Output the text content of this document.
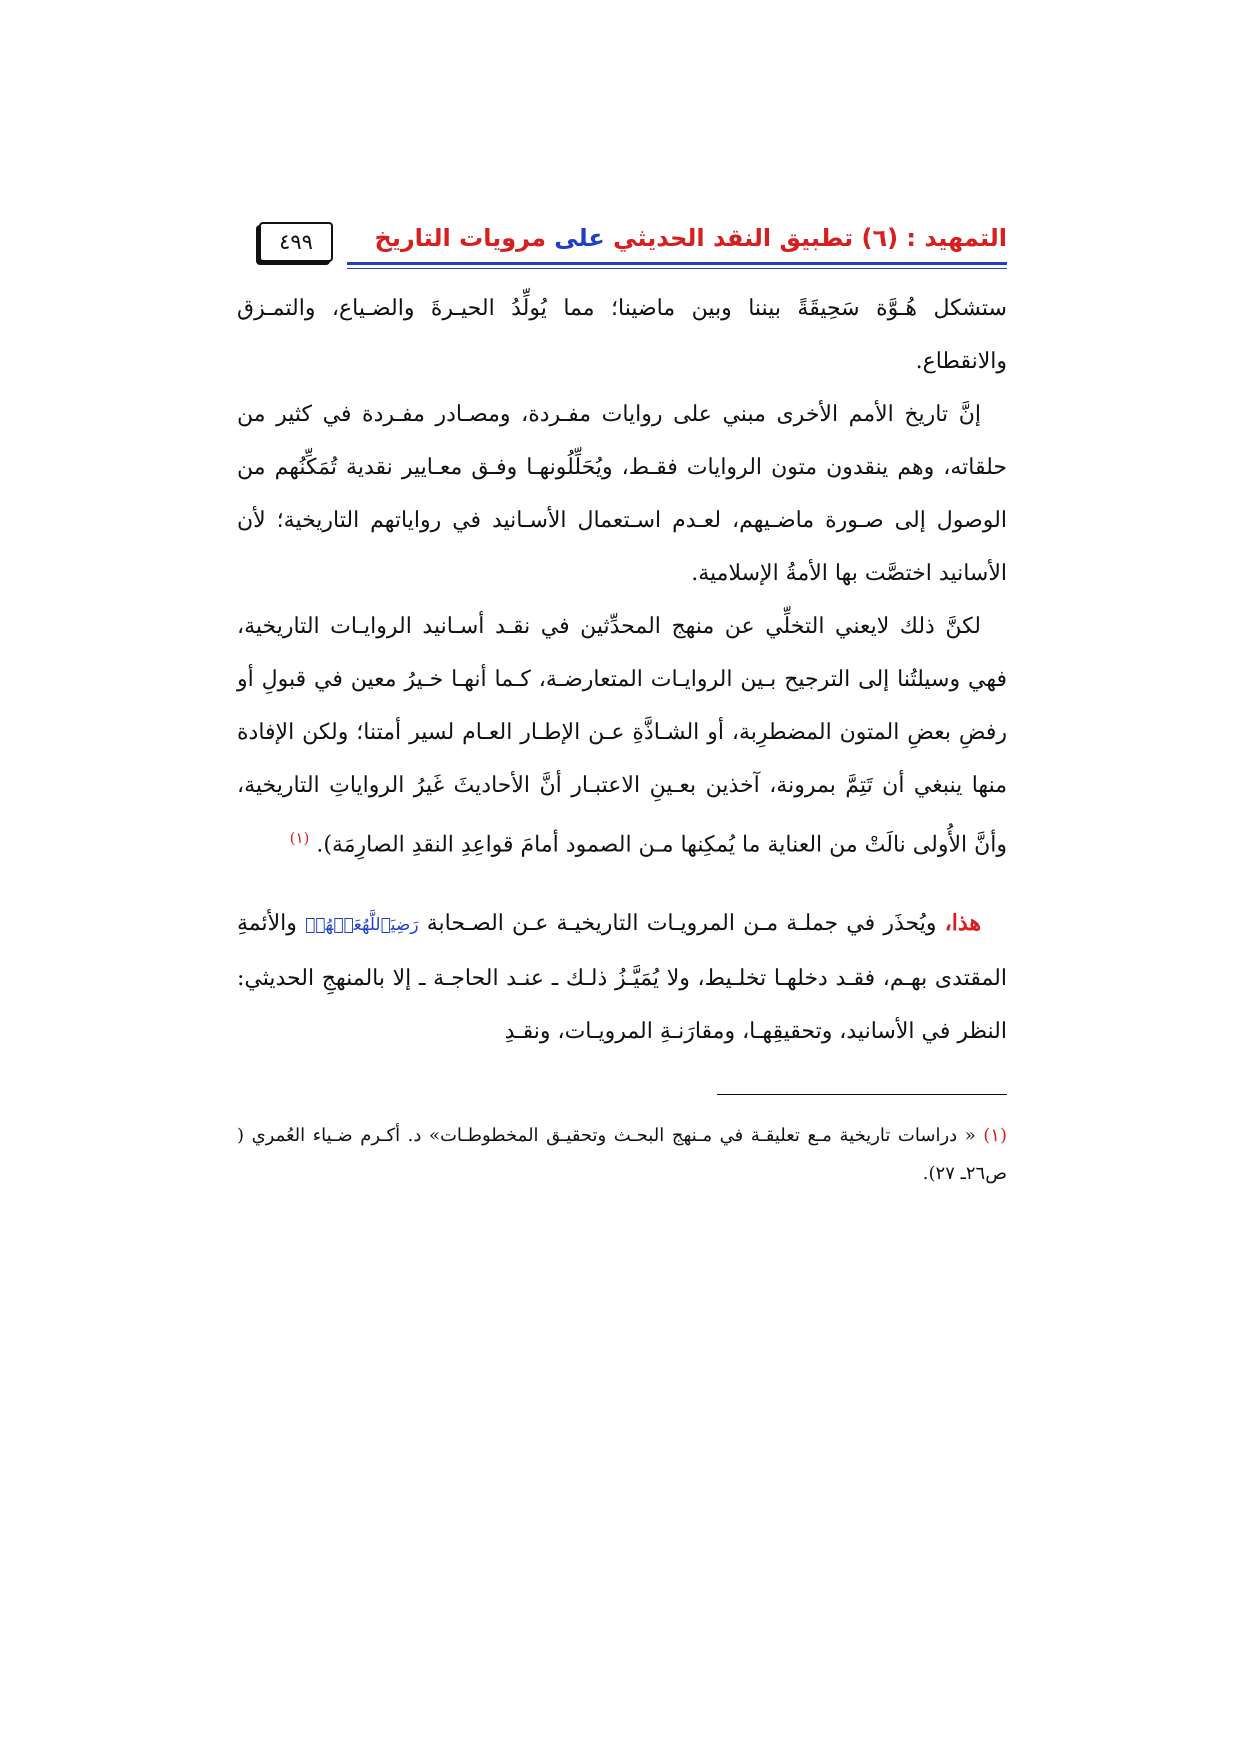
التمهيد : (٦) تطبيق النقد الحديثي على مرويات التاريخ
٤٩٩

ستشكل هُـوَّة سَحِيقَةً بيننا وبين ماضينا؛ مما يُولِّدُ الحيـرةَ والضـياع، والتمـزق والانقطاع.

إنَّ تاريخ الأمم الأخرى مبني على روايات مفـردة، ومصـادر مفـردة في كثير من حلقاته، وهم ينقدون متون الروايات فقـط، ويُحَلِّلُونهـا وفـق معـايير نقدية تُمَكِّنُهم من الوصول إلى صـورة ماضـيهم، لعـدم اسـتعمال الأسـانيد في رواياتهم التاريخية؛ لأن الأسانيد اختصَّت بها الأمةُ الإسلامية.

لكنَّ ذلك لايعني التخلِّي عن منهج المحدِّثين في نقـد أسـانيد الروايـات التاريخية، فهي وسيلتُنا إلى الترجيح بـين الروايـات المتعارضـة، كـما أنهـا خـيرُ معين في قبولِ أو رفضِ بعضِ المتون المضطرِبة، أو الشـاذَّةِ عـن الإطـار العـام لسير أمتنا؛ ولكن الإفادة منها ينبغي أن تَتِمَّ بمرونة، آخذين بعـينِ الاعتبـار أنَّ الأحاديثَ غَيرُ الرواياتِ التاريخية، وأنَّ الأُولى نالَتْ من العناية ما يُمكِنها مـن الصمود أمامَ قواعِدِ النقدِ الصارِمَة). $^{(١)}$

هذا، ويُحذَر في جملـة مـن المرويـات التاريخيـة عـن الصـحابة رَضِيَٱللَّهُعَنۡهُمۡ والأئمةِ المقتدى بهـم، فقـد دخلهـا تخلـيط، ولا يُمَيَّـزُ ذلـك ـ عنـد الحاجـة ـ إلا بالمنهجِ الحديثي: النظر في الأسانيد، وتحقيقِهـا، ومقارَنـةِ المرويـات، ونقـدِ

(١) « دراسات تاريخية مـع تعليقـة في مـنهج البحـث وتحقيـق المخطوطـات» د. أكـرم ضـياء العُمري ( ص٢٦ـ ٢٧).
